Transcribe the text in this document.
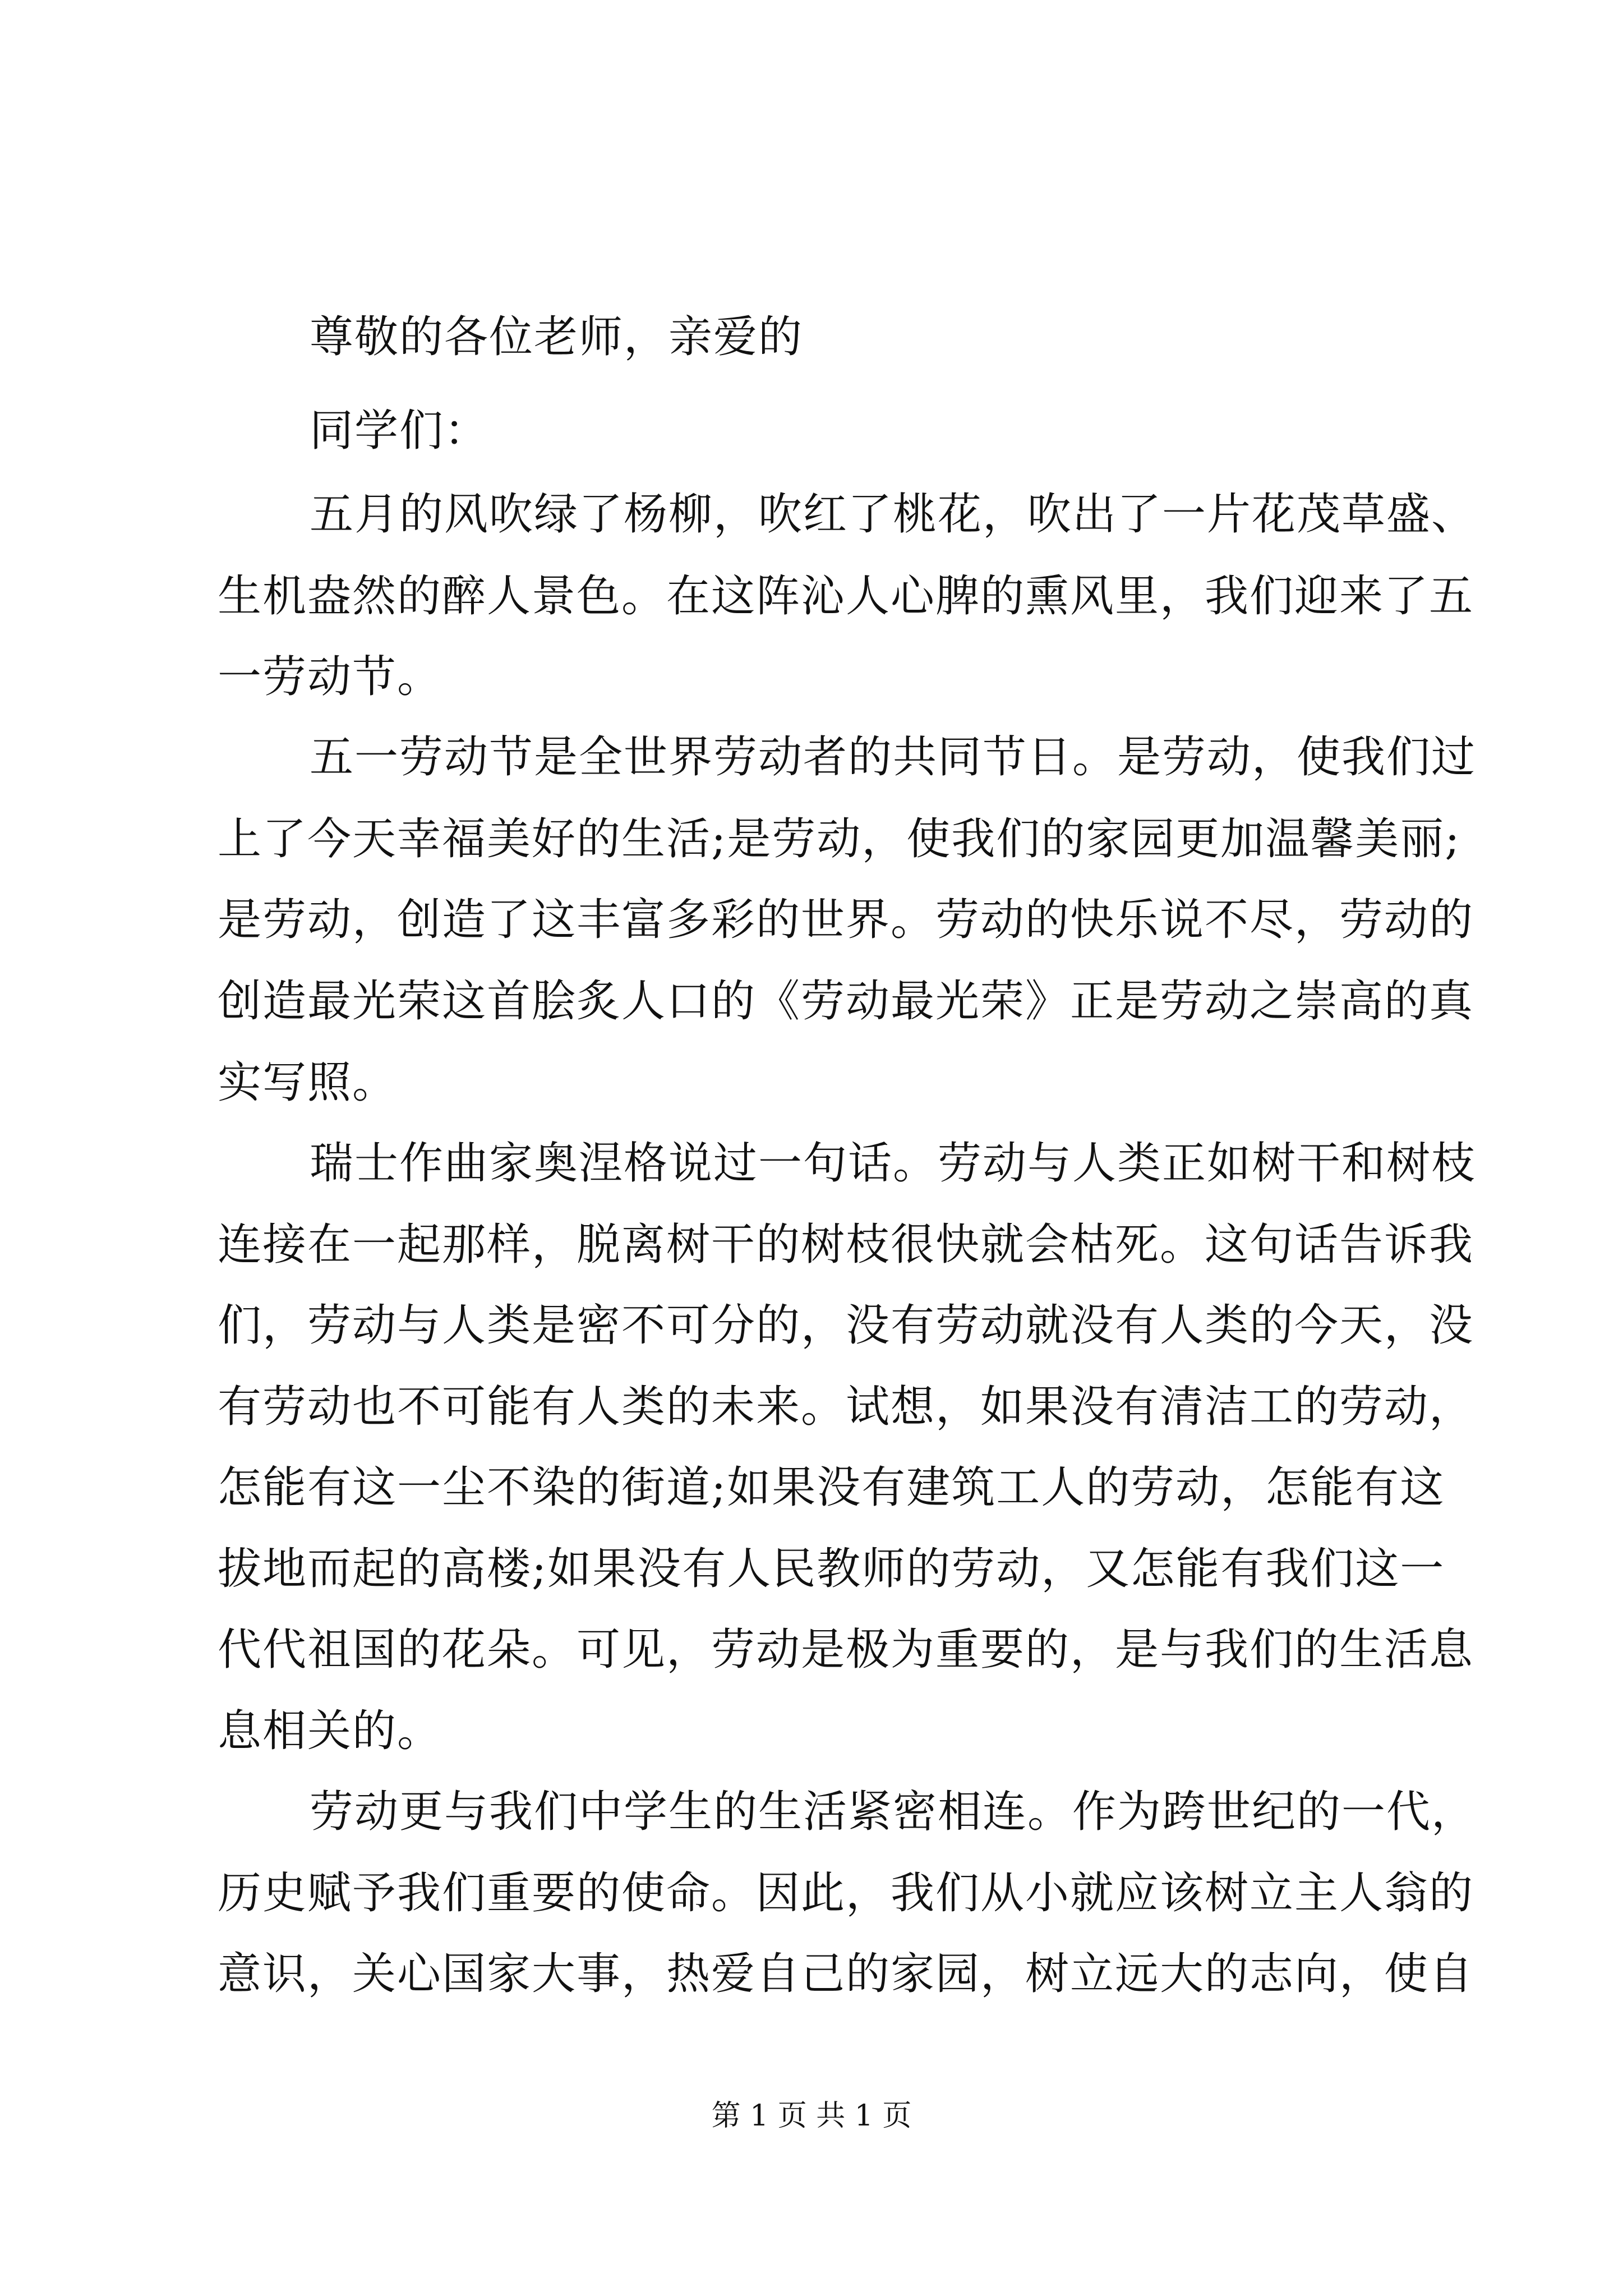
尊敬的各位老师，亲爱的
同学们：
五月的风吹绿了杨柳，吹红了桃花，吹出了一片花茂草盛、
生机盎然的醉人景色。在这阵沁人心脾的熏风里，我们迎来了五
一劳动节。
五一劳动节是全世界劳动者的共同节日。是劳动，使我们过
上了今天幸福美好的生活;是劳动，使我们的家园更加温馨美丽;
是劳动，创造了这丰富多彩的世界。劳动的快乐说不尽，劳动的
创造最光荣这首脍炙人口的《劳动最光荣》正是劳动之崇高的真
实写照。
瑞士作曲家奥涅格说过一句话。劳动与人类正如树干和树枝
连接在一起那样，脱离树干的树枝很快就会枯死。这句话告诉我
们，劳动与人类是密不可分的，没有劳动就没有人类的今天，没
有劳动也不可能有人类的未来。试想，如果没有清洁工的劳动，
怎能有这一尘不染的街道;如果没有建筑工人的劳动，怎能有这
拔地而起的高楼;如果没有人民教师的劳动，又怎能有我们这一
代代祖国的花朵。可见，劳动是极为重要的，是与我们的生活息
息相关的。
劳动更与我们中学生的生活紧密相连。作为跨世纪的一代，
历史赋予我们重要的使命。因此，我们从小就应该树立主人翁的
意识，关心国家大事，热爱自己的家园，树立远大的志向，使自
第 1 页 共 1 页
